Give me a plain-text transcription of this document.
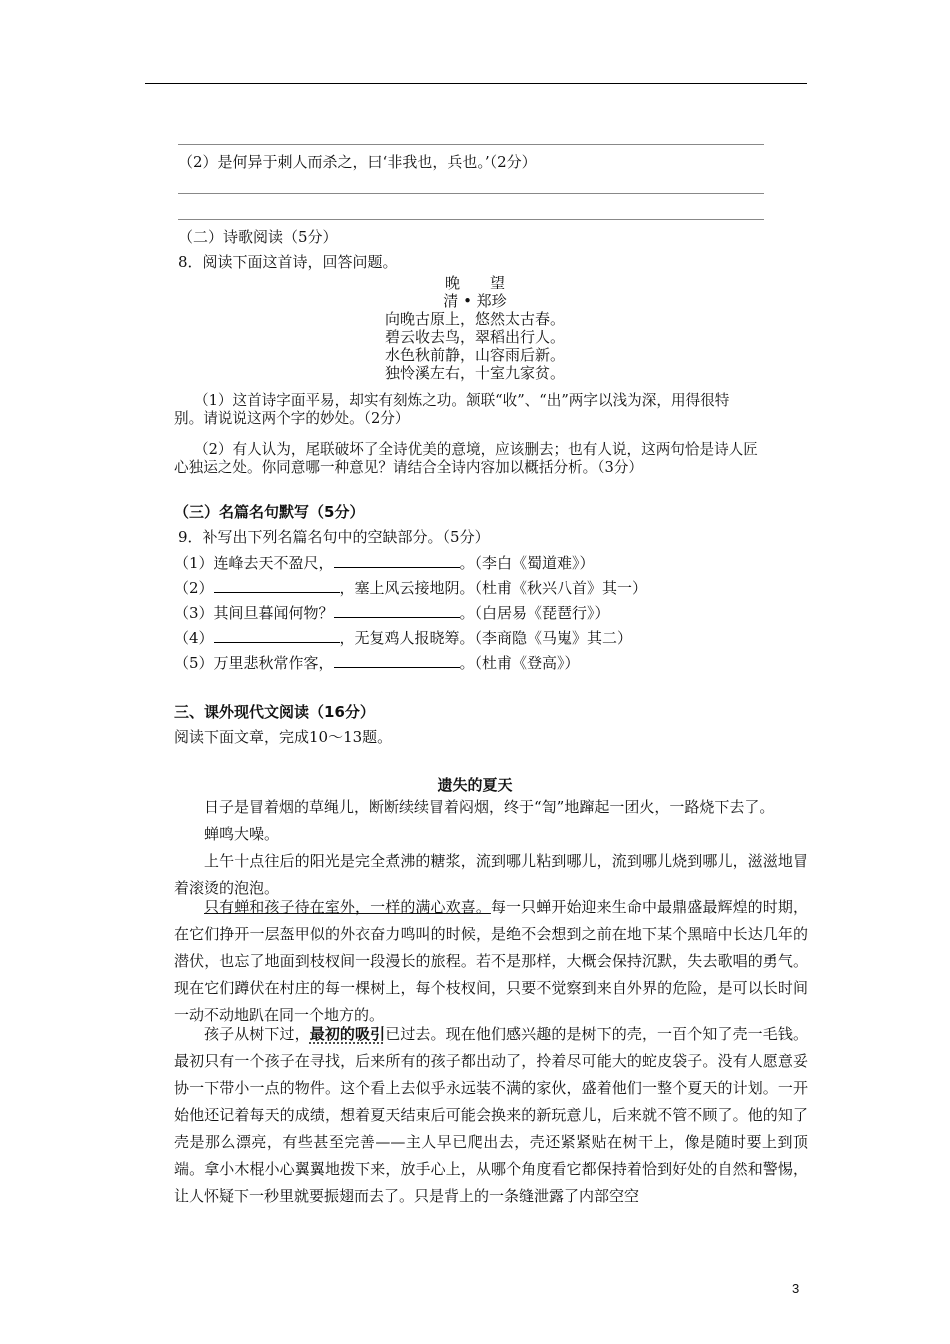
（2）是何异于刺人而杀之，曰‘非我也，兵也。’（2分）
（二）诗歌阅读（5分）
8．阅读下面这首诗，回答问题。
晚　　望
清 • 郑珍
向晚古原上，悠然太古春。
碧云收去鸟，翠稻出行人。
水色秋前静，山容雨后新。
独怜溪左右，十室九家贫。
（1）这首诗字面平易，却实有刻炼之功。颔联“收”、“出”两字以浅为深，用得很特
别。请说说这两个字的妙处。（2分）
（2）有人认为，尾联破坏了全诗优美的意境，应该删去；也有人说，这两句恰是诗人匠
心独运之处。你同意哪一种意见？请结合全诗内容加以概括分析。（3分）
（三）名篇名句默写（5分）
9．补写出下列名篇名句中的空缺部分。（5分）
（1）连峰去天不盈尺，	。（李白《蜀道难》）
（2）	，塞上风云接地阴。（杜甫《秋兴八首》其一）
（3）其间旦暮闻何物？	。（白居易《琵琶行》）
（4）	，无复鸡人报晓筹。（李商隐《马嵬》其二）
（5）万里悲秋常作客，	。（杜甫《登高》）
三、课外现代文阅读（16分）
阅读下面文章，完成10～13题。
遗失的夏天
日子是冒着烟的草绳儿，断断续续冒着闷烟，终于“訇”地蹿起一团火，一路烧下去了。
蝉鸣大噪。
上午十点往后的阳光是完全煮沸的糖浆，流到哪儿粘到哪儿，流到哪儿烧到哪儿，滋滋地冒着滚烫的泡泡。
只有蝉和孩子待在室外，一样的满心欢喜。每一只蝉开始迎来生命中最鼎盛最辉煌的时期，在它们挣开一层盔甲似的外衣奋力鸣叫的时候，是绝不会想到之前在地下某个黑暗中长达几年的潜伏，也忘了地面到枝杈间一段漫长的旅程。若不是那样，大概会保持沉默，失去歌唱的勇气。现在它们蹲伏在村庄的每一棵树上，每个枝杈间，只要不觉察到来自外界的危险，是可以长时间一动不动地趴在同一个地方的。
孩子从树下过，最初的吸引已过去。现在他们感兴趣的是树下的壳，一百个知了壳一毛钱。最初只有一个孩子在寻找，后来所有的孩子都出动了，拎着尽可能大的蛇皮袋子。没有人愿意妥协一下带小一点的物件。这个看上去似乎永远装不满的家伙，盛着他们一整个夏天的计划。一开始他还记着每天的成绩，想着夏天结束后可能会换来的新玩意儿，后来就不管不顾了。他的知了壳是那么漂亮，有些甚至完善——主人早已爬出去，壳还紧紧贴在树干上，像是随时要上到顶端。拿小木棍小心翼翼地拨下来，放手心上，从哪个角度看它都保持着恰到好处的自然和警惕，让人怀疑下一秒里就要振翅而去了。只是背上的一条缝泄露了内部空空
3
